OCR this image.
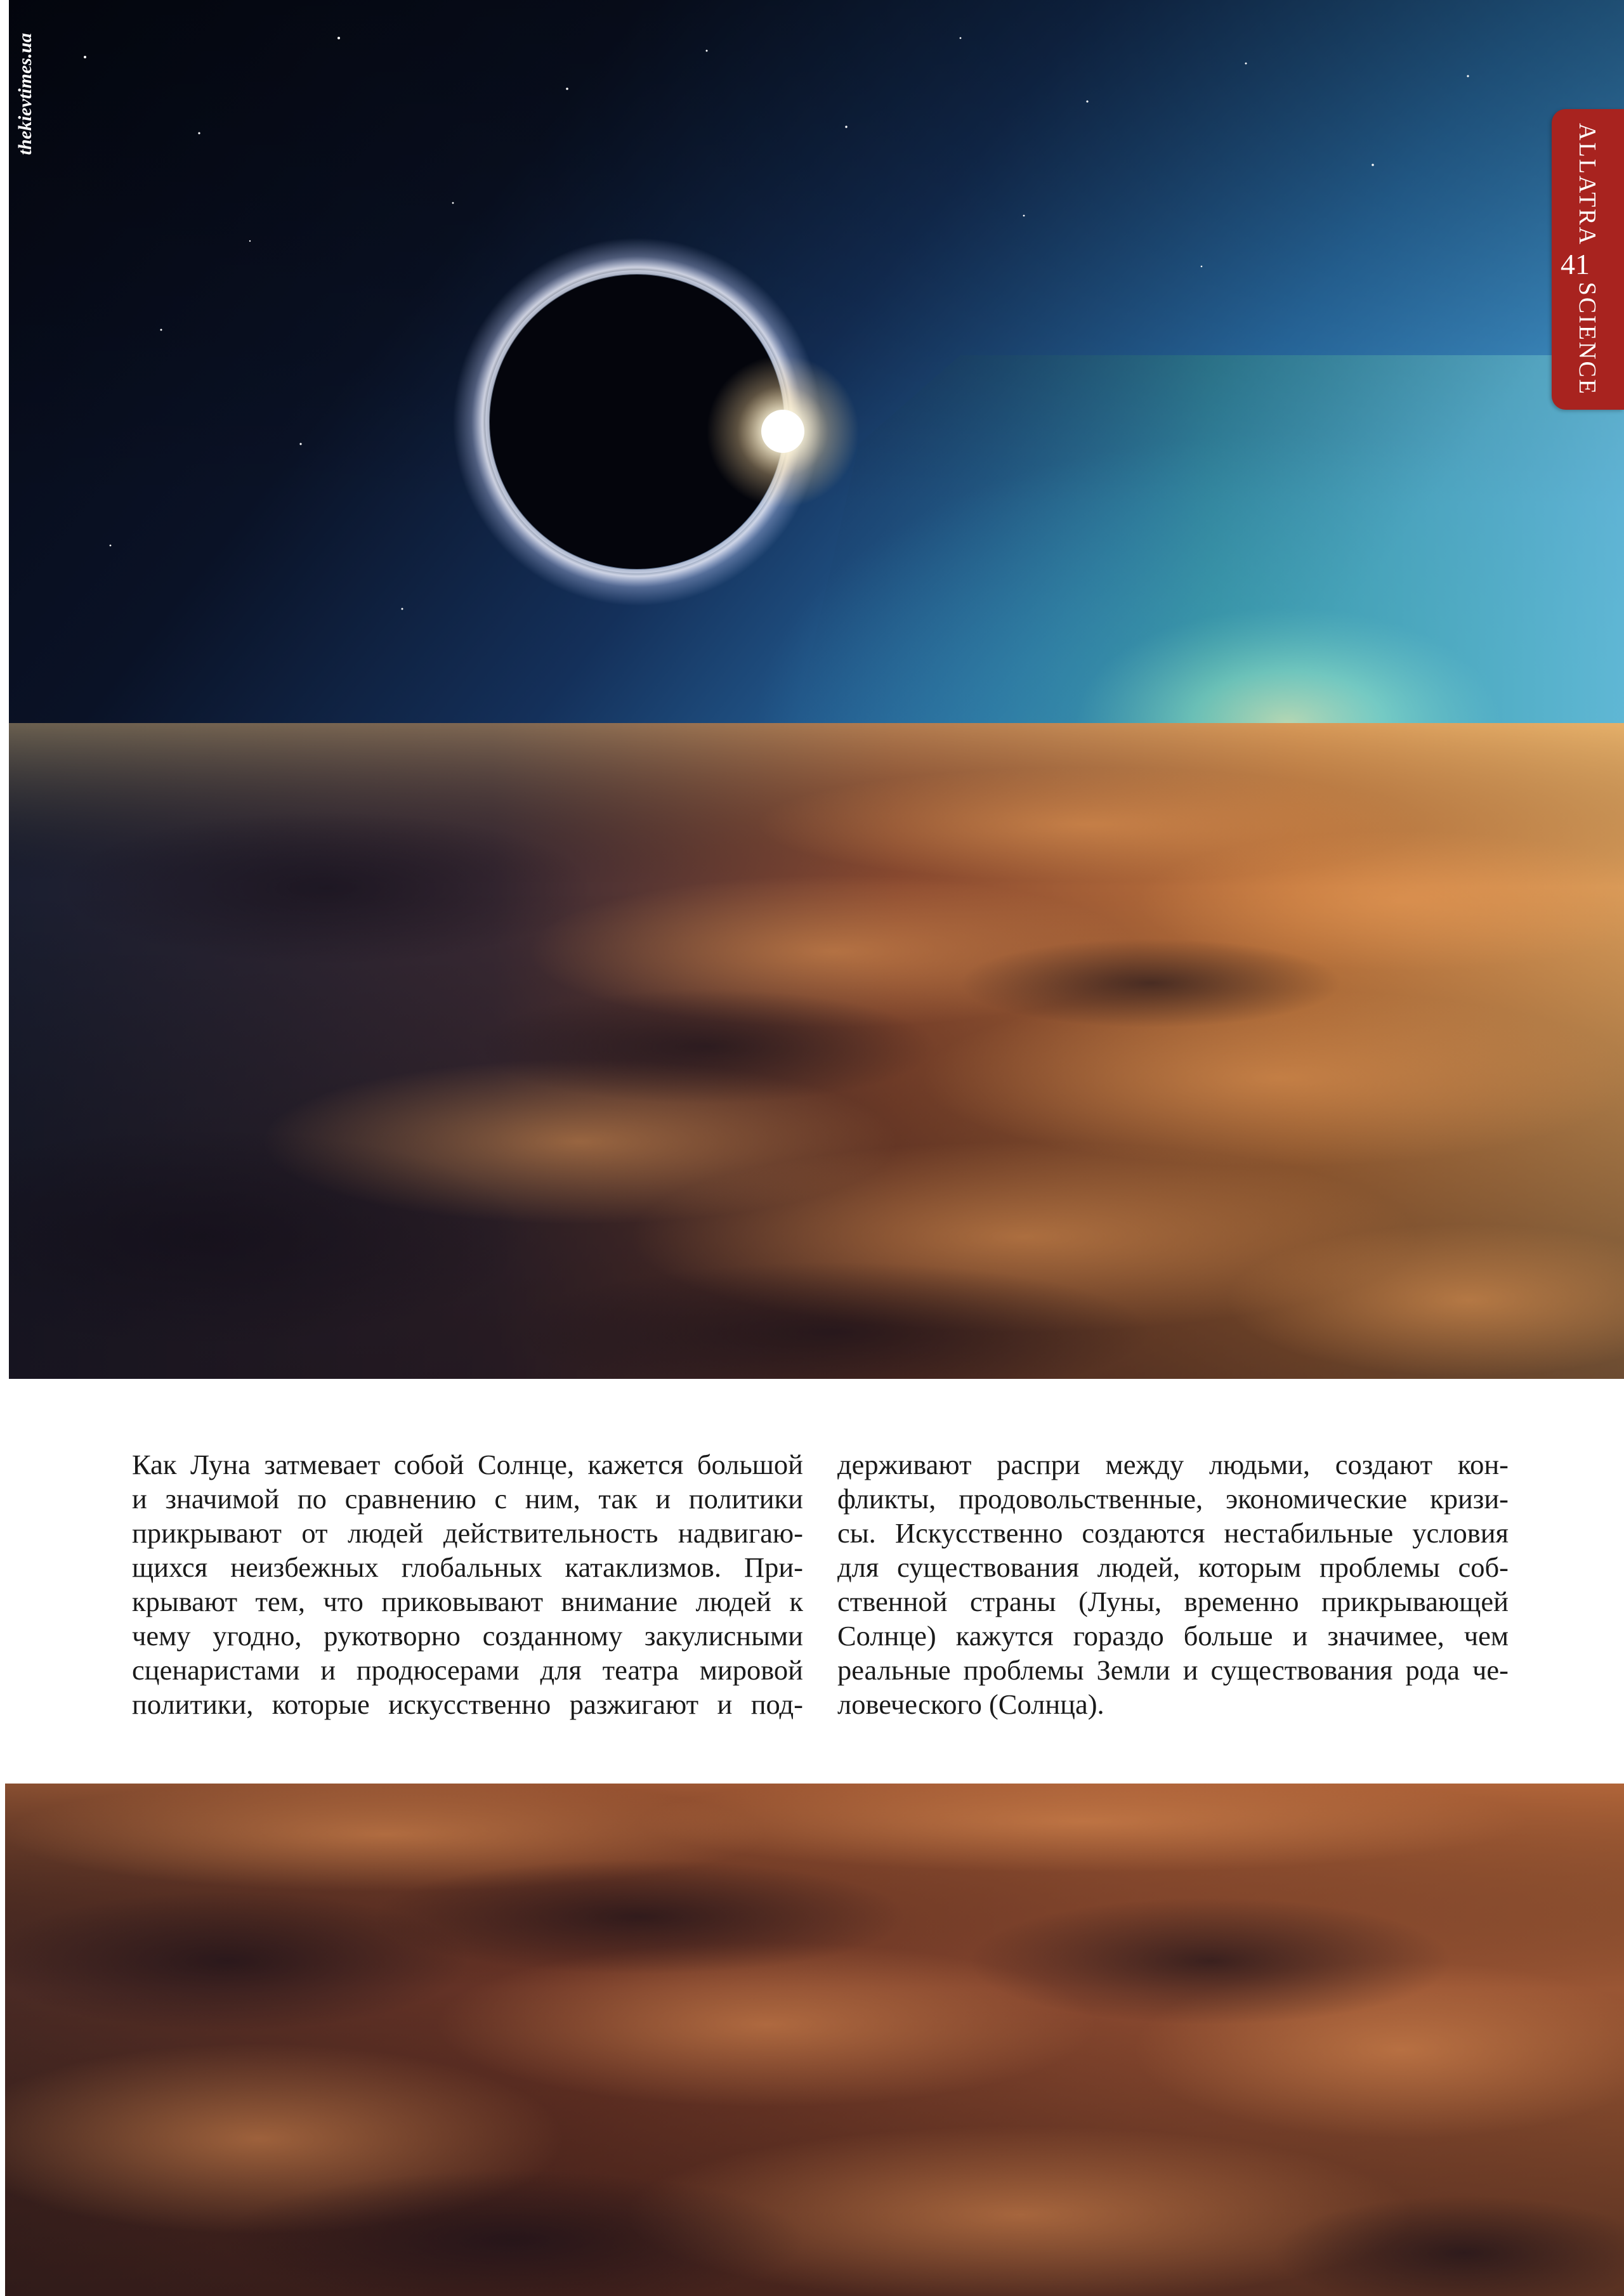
thekievtimes.ua
ALLATRA
SCIENCE
41
Как Луна затмевает собой Солнце, кажется большой
и значимой по сравнению с ним, так и политики
прикрывают от людей действительность надвигаю-
щихся неизбежных глобальных катаклизмов. При-
крывают тем, что приковывают внимание людей к
чему угодно, рукотворно созданному закулисными
сценаристами и продюсерами для театра мировой
политики, которые искусственно разжигают и под-
держивают распри между людьми, создают кон-
фликты, продовольственные, экономические кризи-
сы. Искусственно создаются нестабильные условия
для существования людей, которым проблемы соб-
ственной страны (Луны, временно прикрывающей
Солнце) кажутся гораздо больше и значимее, чем
реальные проблемы Земли и существования рода че-
ловеческого (Солнца).
